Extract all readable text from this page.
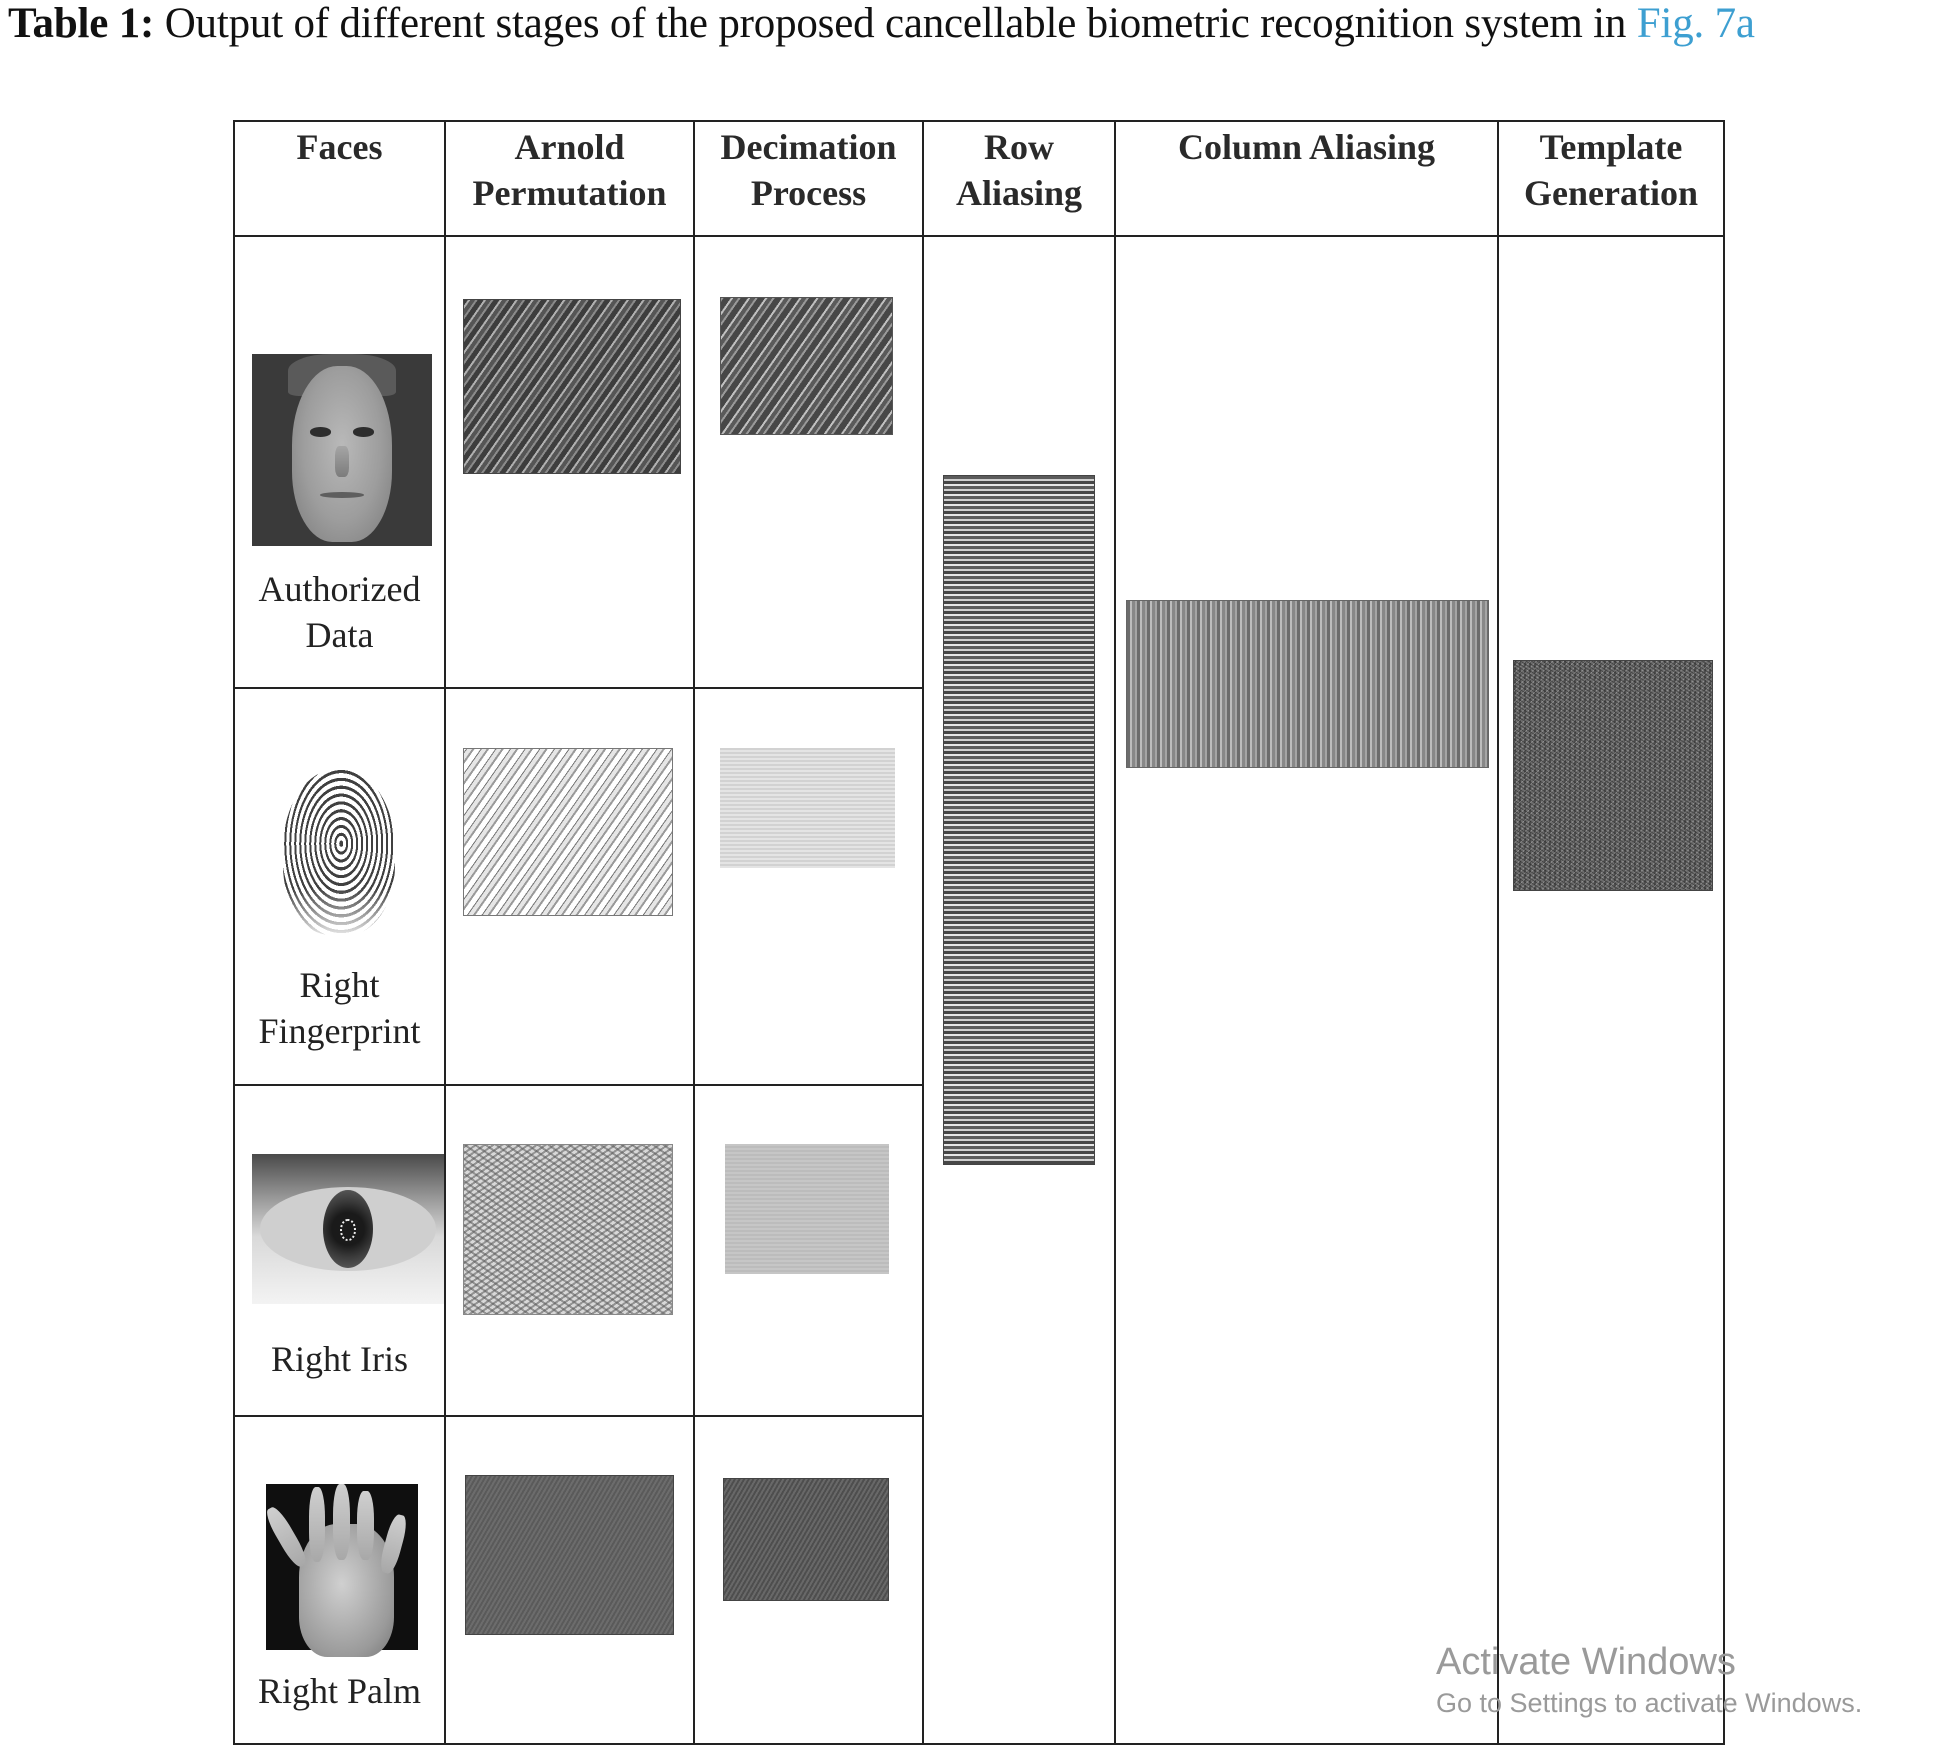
Table 1: Output of different stages of the proposed cancellable biometric recognition system in Fig. 7a
Faces	Arnold Permutation
Decimation Process
Row Aliasing
Column Aliasing	Template Generation
Authorized
Data
Right
Fingerprint
Right Iris
Right Palm
Activate Windows
Go to Settings to activate Windows.
